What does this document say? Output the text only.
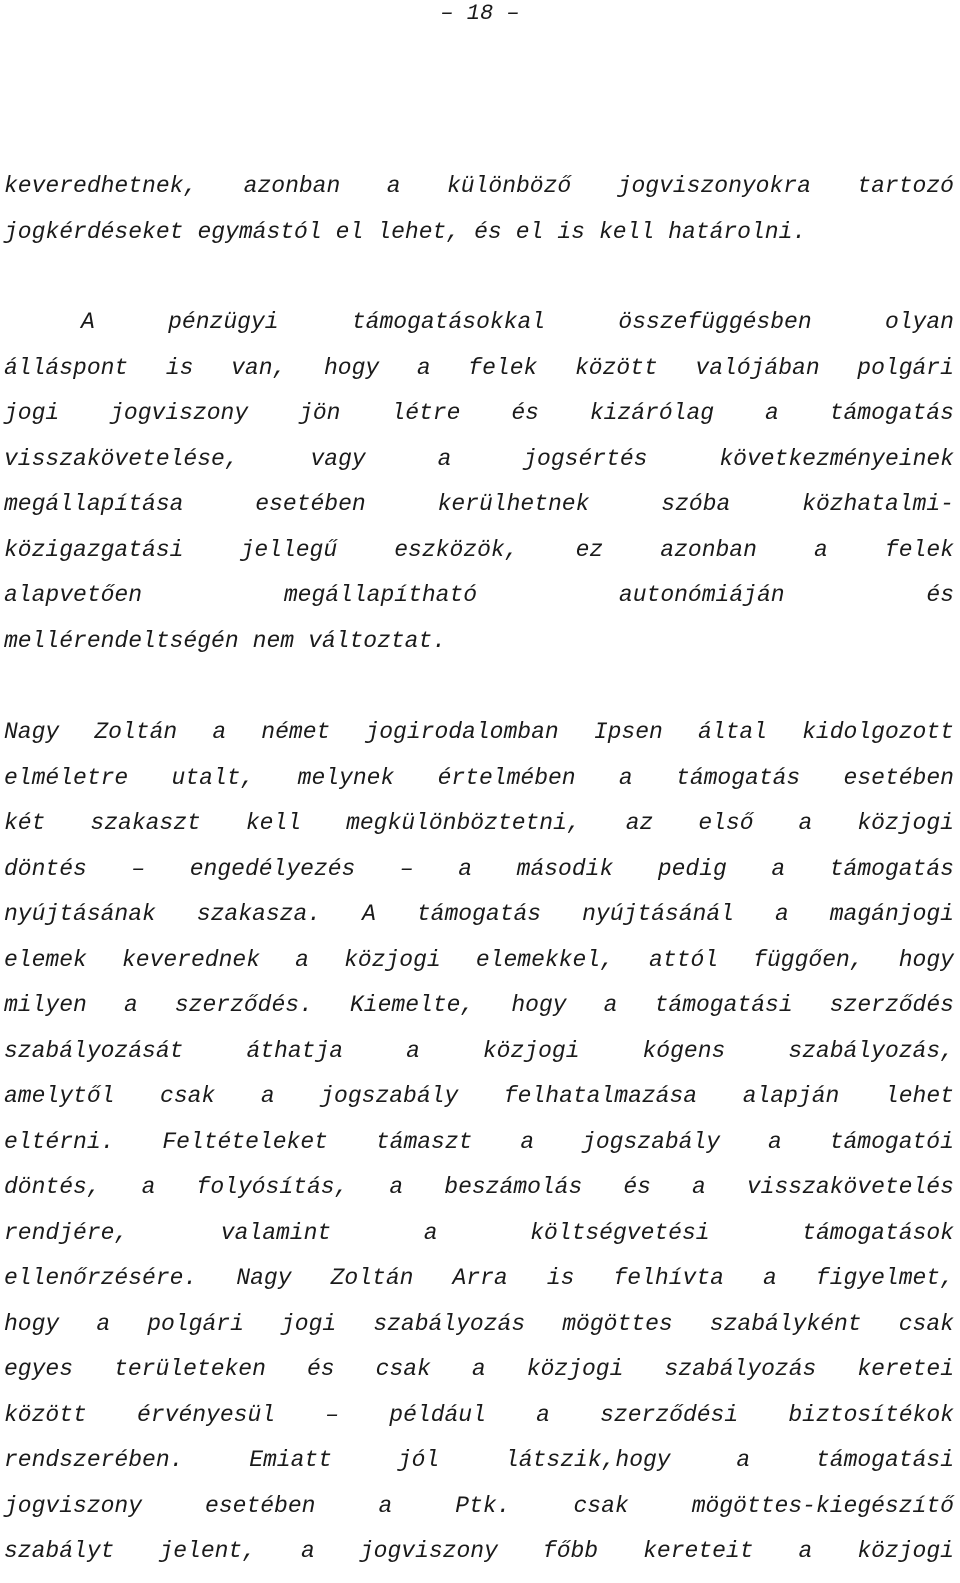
– 18 –
keveredhetnek, azonban a különböző jogviszonyokra tartozó
jogkérdéseket egymástól el lehet, és el is kell határolni.
A	pénzügyi	támogatásokkal	összefüggésben	olyan
álláspont is van, hogy a felek között valójában polgári
jogi jogviszony jön létre és kizárólag a támogatás
visszakövetelése,	vagy	a	jogsértés	következményeinek
megállapítása	esetében	kerülhetnek	szóba	közhatalmi-
közigazgatási jellegű eszközök, ez azonban a felek
alapvetően	megállapítható	autonómiáján	és
mellérendeltségén nem változtat.
Nagy Zoltán a német jogirodalomban Ipsen által kidolgozott
elméletre utalt, melynek értelmében a támogatás esetében
két szakaszt kell megkülönböztetni, az első a közjogi
döntés – engedélyezés – a második pedig a támogatás
nyújtásának szakasza. A támogatás nyújtásánál a magánjogi
elemek keverednek a közjogi elemekkel, attól függően, hogy
milyen a szerződés. Kiemelte, hogy a támogatási szerződés
szabályozását	áthatja	a	közjogi	kógens	szabályozás,
amelytől csak a jogszabály felhatalmazása alapján lehet
eltérni. Feltételeket támaszt a jogszabály a támogatói
döntés, a folyósítás, a beszámolás és a visszakövetelés
rendjére,	valamint	a	költségvetési	támogatások
ellenőrzésére. Nagy Zoltán Arra is felhívta a figyelmet,
hogy a polgári jogi szabályozás mögöttes szabályként csak
egyes területeken és csak a közjogi szabályozás keretei
között érvényesül – például a szerződési biztosítékok
rendszerében.	Emiatt	jól	látszik,hogy	a	támogatási
jogviszony	esetében	a	Ptk.	csak	mögöttes-kiegészítő
szabályt jelent, a jogviszony főbb kereteit a közjogi
